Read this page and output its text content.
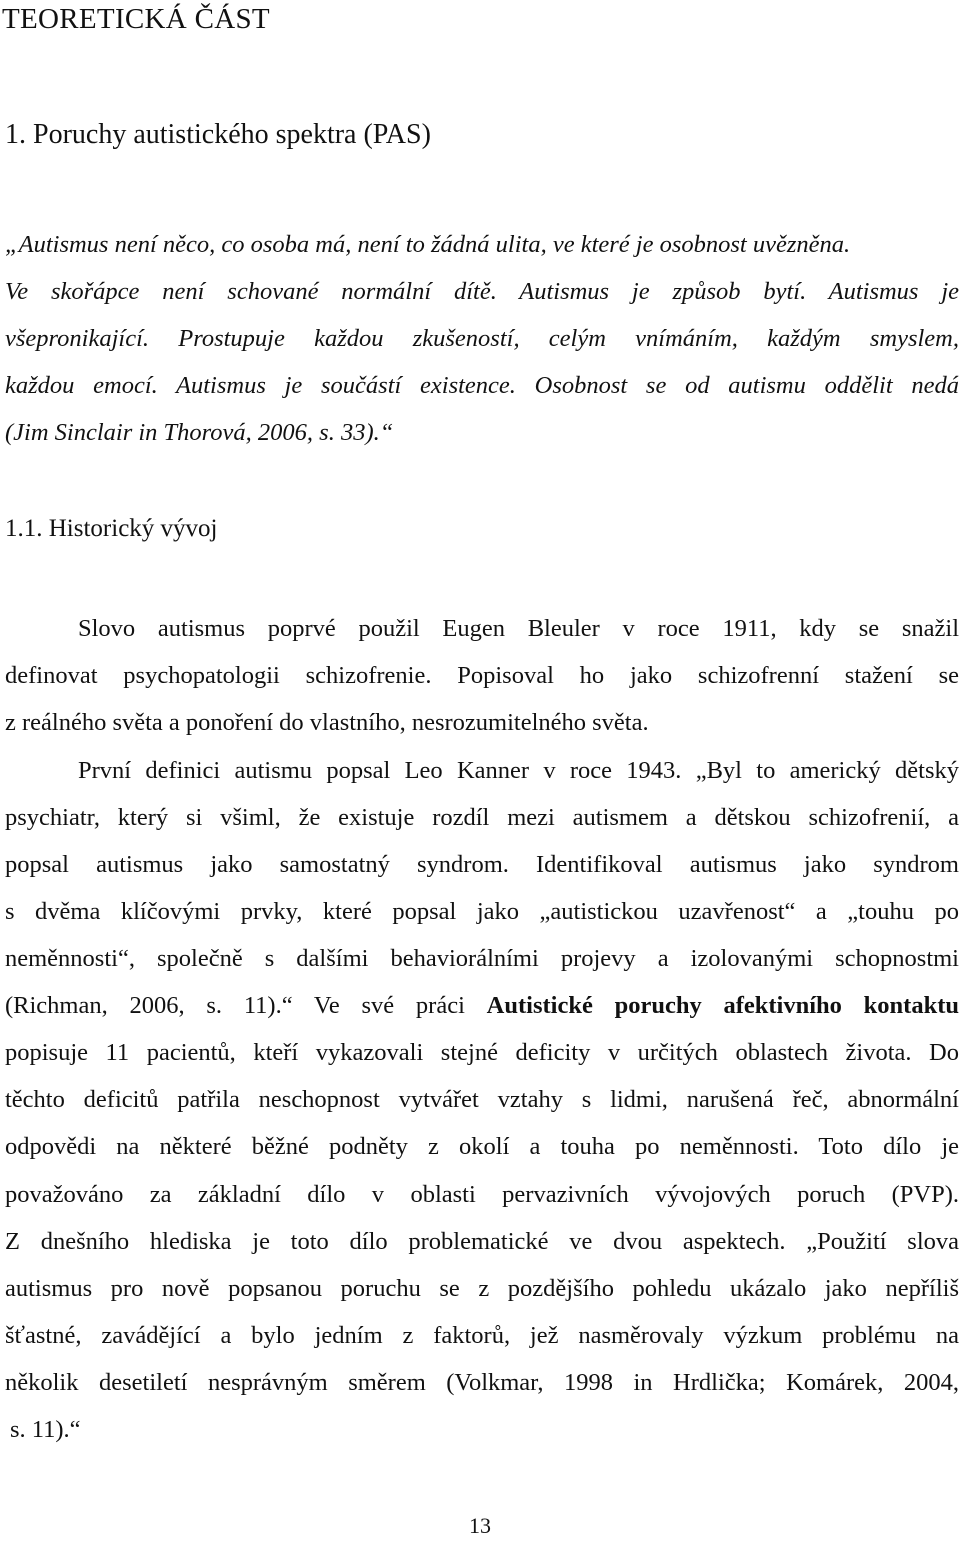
TEORETICKÁ ČÁST
1. Poruchy autistického spektra (PAS)
„Autismus není něco, co osoba má, není to žádná ulita, ve které je osobnost uvězněna.
Ve skořápce není schované normální dítě. Autismus je způsob bytí. Autismus je
všepronikající. Prostupuje každou zkušeností, celým vnímáním, každým smyslem,
každou emocí. Autismus je součástí existence. Osobnost se od autismu oddělit nedá
(Jim Sinclair in Thorová, 2006, s. 33).“
1.1. Historický vývoj
Slovo autismus poprvé použil Eugen Bleuler v roce 1911, kdy se snažil
definovat psychopatologii schizofrenie. Popisoval ho jako schizofrenní stažení se
z reálného světa a ponoření do vlastního, nesrozumitelného světa.
První definici autismu popsal Leo Kanner v roce 1943. „Byl to americký dětský
psychiatr, který si všiml, že existuje rozdíl mezi autismem a dětskou schizofrenií, a
popsal autismus jako samostatný syndrom. Identifikoval autismus jako syndrom
s dvěma klíčovými prvky, které popsal jako „autistickou uzavřenost“ a „touhu po
neměnnosti“, společně s dalšími behaviorálními projevy a izolovanými schopnostmi
(Richman, 2006, s. 11).“ Ve své práci Autistické poruchy afektivního kontaktu
popisuje 11 pacientů, kteří vykazovali stejné deficity v určitých oblastech života. Do
těchto deficitů patřila neschopnost vytvářet vztahy s lidmi, narušená řeč, abnormální
odpovědi na některé běžné podněty z okolí a touha po neměnnosti. Toto dílo je
považováno za základní dílo v oblasti pervazivních vývojových poruch (PVP).
Z dnešního hlediska je toto dílo problematické ve dvou aspektech. „Použití slova
autismus pro nově popsanou poruchu se z pozdějšího pohledu ukázalo jako nepříliš
šťastné, zavádějící a bylo jedním z faktorů, jež nasměrovaly výzkum problému na
několik desetiletí nesprávným směrem (Volkmar, 1998 in Hrdlička; Komárek, 2004,
s. 11).“
13
